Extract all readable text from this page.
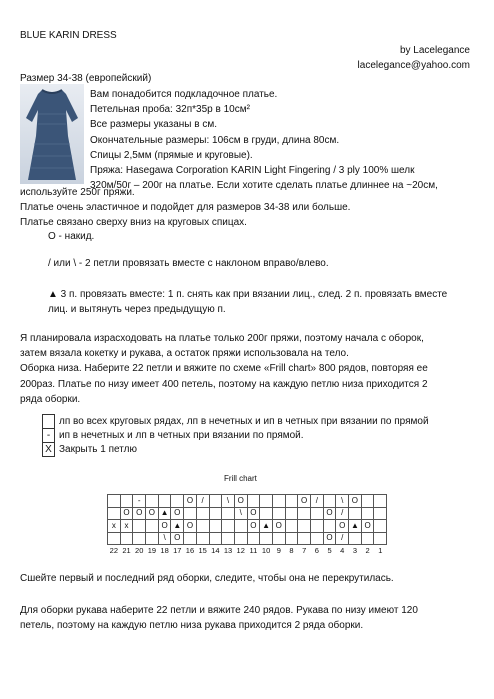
BLUE KARIN DRESS
by Lacelegance
lacelegance@yahoo.com
Размер 34-38 (европейский)
Вам понадобится подкладочное платье.
Петельная проба: 32п*35р в 10см²
Все размеры указаны в см.
Окончательные размеры: 106см в груди, длина 80см.
Спицы 2,5мм (прямые и круговые).
Пряжа: Hasegawa Corporation KARIN Light Fingering / 3 ply 100% шелк
320м/50г – 200г на платье. Если хотите сделать платье длиннее на ~20см,
используйте 250г пряжи.
Платье очень эластичное и подойдет для размеров 34-38 или больше.
Платье связано сверху вниз на круговых спицах.
O - накид.
/ или \ - 2 петли провязать вместе с наклоном вправо/влево.
▲ 3 п. провязать вместе: 1 п. снять как при вязании лиц., след. 2 п. провязать вместе
лиц. и вытянуть через предыдущую п.
Я планировала израсходовать на платье только 200г пряжи, поэтому начала с оборок,
затем вязала кокетку и рукава, а остаток пряжи использовала на тело.
Оборка низа. Наберите 22 петли и вяжите по схеме «Frill chart» 800 рядов, повторяя ее
200раз. Платье по низу имеет 400 петель, поэтому на каждую петлю низа приходится 2
ряда оборки.
	лп во всех круговых рядах, лп в нечетных и ип в четных при вязании по прямой
-	ип в нечетных и лп в четных при вязании по прямой.
X	Закрыть 1 петлю
Frill chart
		-				O	/		\	O					O	/		\	O		
	O	O	O	▲	O					\	O						O	/			
x	x			O	▲	O					O	▲	O					O	▲	O	
				\	O												O	/			
22	21	20	19	18	17	16	15	14	13	12	11	10	9	8	7	6	5	4	3	2	1
Сшейте первый и последний ряд оборки, следите, чтобы она не перекрутилась.
Для оборки рукава наберите 22 петли и вяжите 240 рядов. Рукава по низу имеют 120
петель, поэтому на каждую петлю низа рукава приходится 2 ряда оборки.
